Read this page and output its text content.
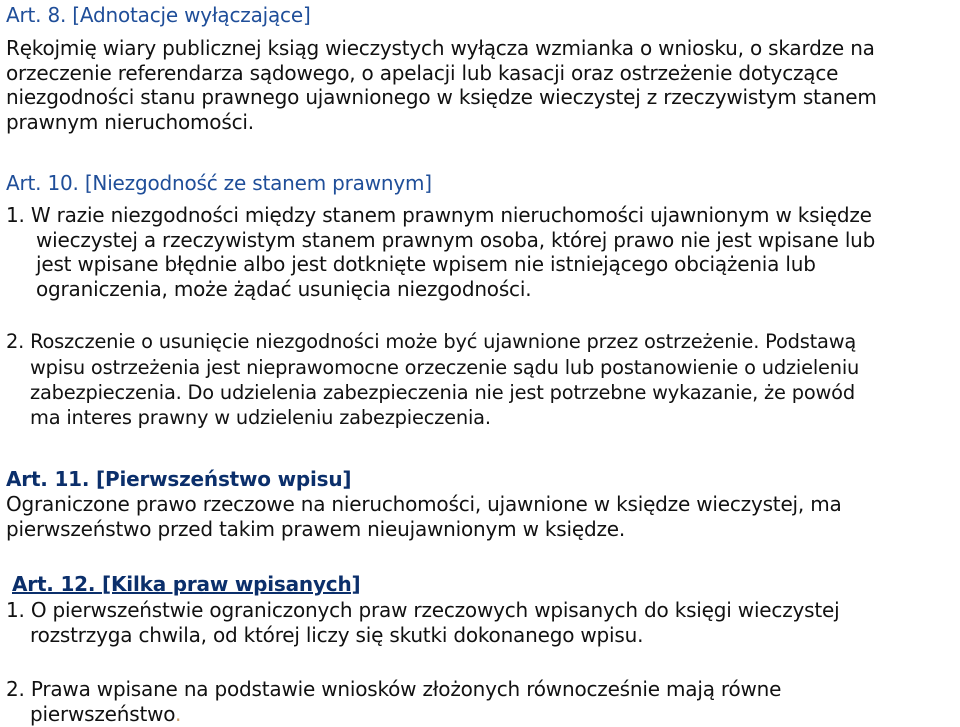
Art. 8. [Adnotacje wyłączające]
Rękojmię wiary publicznej ksiąg wieczystych wyłącza wzmianka o wniosku, o skardze na
orzeczenie referendarza sądowego, o apelacji lub kasacji oraz ostrzeżenie dotyczące
niezgodności stanu prawnego ujawnionego w księdze wieczystej z rzeczywistym stanem
prawnym nieruchomości.
Art. 10. [Niezgodność ze stanem prawnym]
1. W razie niezgodności między stanem prawnym nieruchomości ujawnionym w księdze
wieczystej a rzeczywistym stanem prawnym osoba, której prawo nie jest wpisane lub
jest wpisane błędnie albo jest dotknięte wpisem nie istniejącego obciążenia lub
ograniczenia, może żądać usunięcia niezgodności.
2. Roszczenie o usunięcie niezgodności może być ujawnione przez ostrzeżenie. Podstawą
wpisu ostrzeżenia jest nieprawomocne orzeczenie sądu lub postanowienie o udzieleniu
zabezpieczenia. Do udzielenia zabezpieczenia nie jest potrzebne wykazanie, że powód
ma interes prawny w udzieleniu zabezpieczenia.
Art. 11. [Pierwszeństwo wpisu]
Ograniczone prawo rzeczowe na nieruchomości, ujawnione w księdze wieczystej, ma
pierwszeństwo przed takim prawem nieujawnionym w księdze.
Art. 12. [Kilka praw wpisanych]
1. O pierwszeństwie ograniczonych praw rzeczowych wpisanych do księgi wieczystej
rozstrzyga chwila, od której liczy się skutki dokonanego wpisu.
2. Prawa wpisane na podstawie wniosków złożonych równocześnie mają równe
pierwszeństwo.
